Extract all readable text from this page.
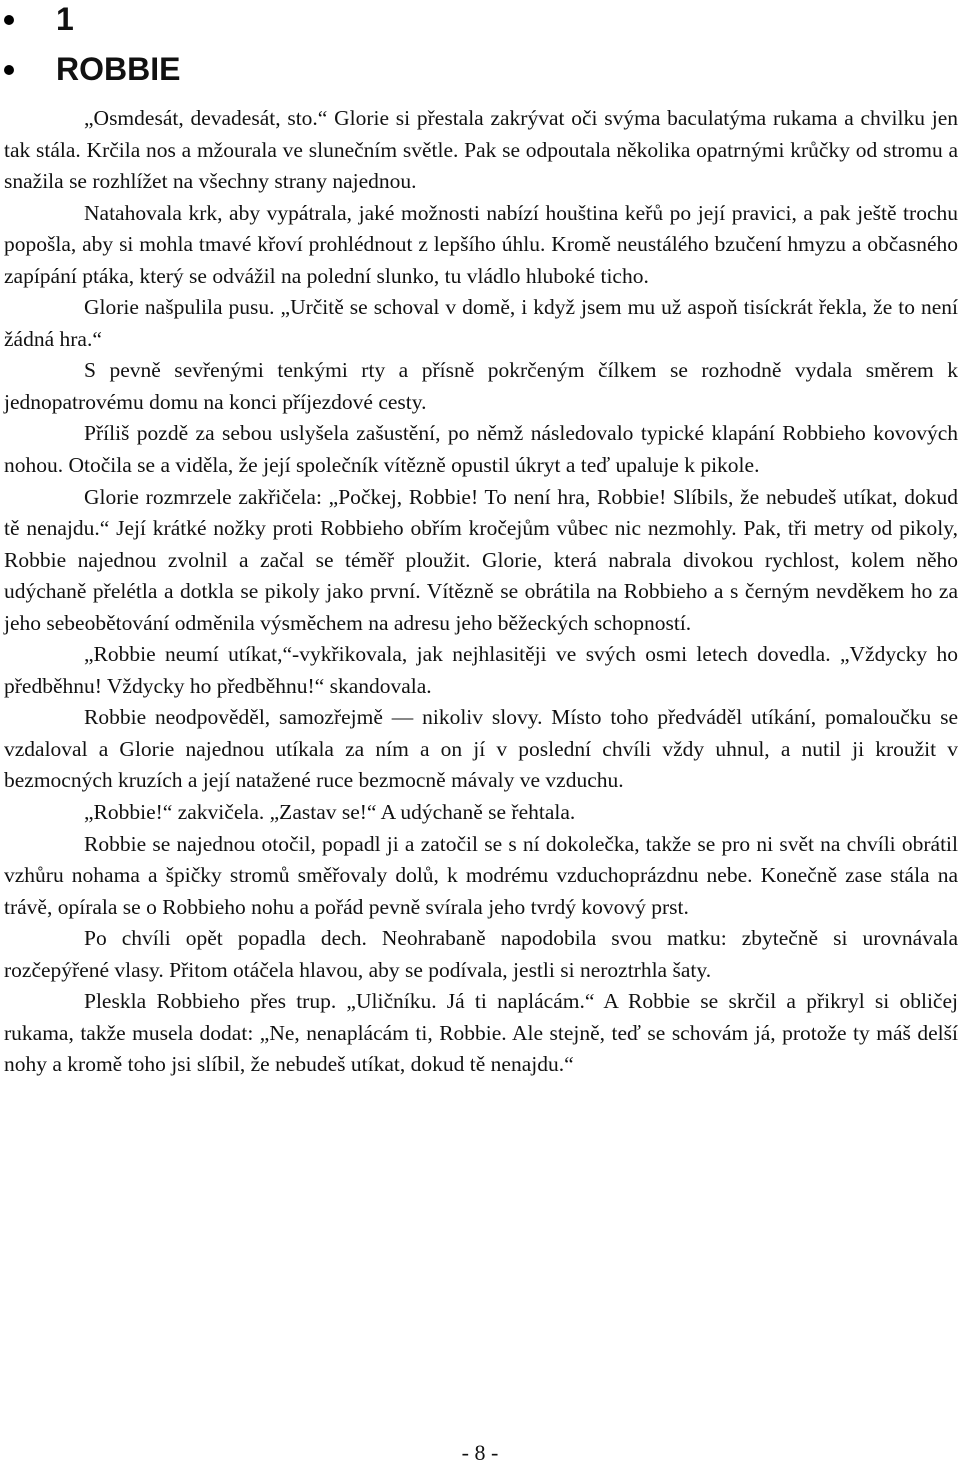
1
ROBBIE

„Osmdesát, devadesát, sto.“ Glorie si přestala zakrývat oči svýma baculatýma rukama a chvilku jen tak stála. Krčila nos a mžourala ve slunečním světle. Pak se odpoutala několika opatrnými krůčky od stromu a snažila se rozhlížet na všechny strany najednou.

Natahovala krk, aby vypátrala, jaké možnosti nabízí houština keřů po její pravici, a pak ještě trochu popošla, aby si mohla tmavé křoví prohlédnout z lepšího úhlu. Kromě neustálého bzučení hmyzu a občasného zapípání ptáka, který se odvážil na polední slunko, tu vládlo hluboké ticho.

Glorie našpulila pusu. „Určitě se schoval v domě, i když jsem mu už aspoň tisíckrát řekla, že to není žádná hra.“

S pevně sevřenými tenkými rty a přísně pokrčeným čílkem se rozhodně vydala směrem k jednopatrovému domu na konci příjezdové cesty.

Příliš pozdě za sebou uslyšela zašustění, po němž následovalo typické klapání Robbieho kovových nohou. Otočila se a viděla, že její společník vítězně opustil úkryt a teď upaluje k pikole.

Glorie rozmrzele zakřičela: „Počkej, Robbie! To není hra, Robbie! Slíbils, že nebudeš utíkat, dokud tě nenajdu.“ Její krátké nožky proti Robbieho obřím kročejům vůbec nic nezmohly. Pak, tři metry od pikoly, Robbie najednou zvolnil a začal se téměř ploužit. Glorie, která nabrala divokou rychlost, kolem něho udýchaně přelétla a dotkla se pikoly jako první. Vítězně se obrátila na Robbieho a s černým nevděkem ho za jeho sebeobětování odměnila výsměchem na adresu jeho běžeckých schopností.

„Robbie neumí utíkat,“-vykřikovala, jak nejhlasitěji ve svých osmi letech dovedla. „Vždycky ho předběhnu! Vždycky ho předběhnu!“ skandovala.

Robbie neodpověděl, samozřejmě — nikoliv slovy. Místo toho předváděl utíkání, pomaloučku se vzdaloval a Glorie najednou utíkala za ním a on jí v poslední chvíli vždy uhnul, a nutil ji kroužit v bezmocných kruzích a její natažené ruce bezmocně mávaly ve vzduchu.

„Robbie!“ zakvičela. „Zastav se!“ A udýchaně se řehtala.

Robbie se najednou otočil, popadl ji a zatočil se s ní dokolečka, takže se pro ni svět na chvíli obrátil vzhůru nohama a špičky stromů směřovaly dolů, k modrému vzduchoprázdnu nebe. Konečně zase stála na trávě, opírala se o Robbieho nohu a pořád pevně svírala jeho tvrdý kovový prst.

Po chvíli opět popadla dech. Neohrabaně napodobila svou matku: zbytečně si urovnávala rozčepýřené vlasy. Přitom otáčela hlavou, aby se podívala, jestli si neroztrhla šaty.

Pleskla Robbieho přes trup. „Uličníku. Já ti naplácám.“ A Robbie se skrčil a přikryl si obličej rukama, takže musela dodat: „Ne, nenaplácám ti, Robbie. Ale stejně, teď se schovám já, protože ty máš delší nohy a kromě toho jsi slíbil, že nebudeš utíkat, dokud tě nenajdu.“

- 8 -
